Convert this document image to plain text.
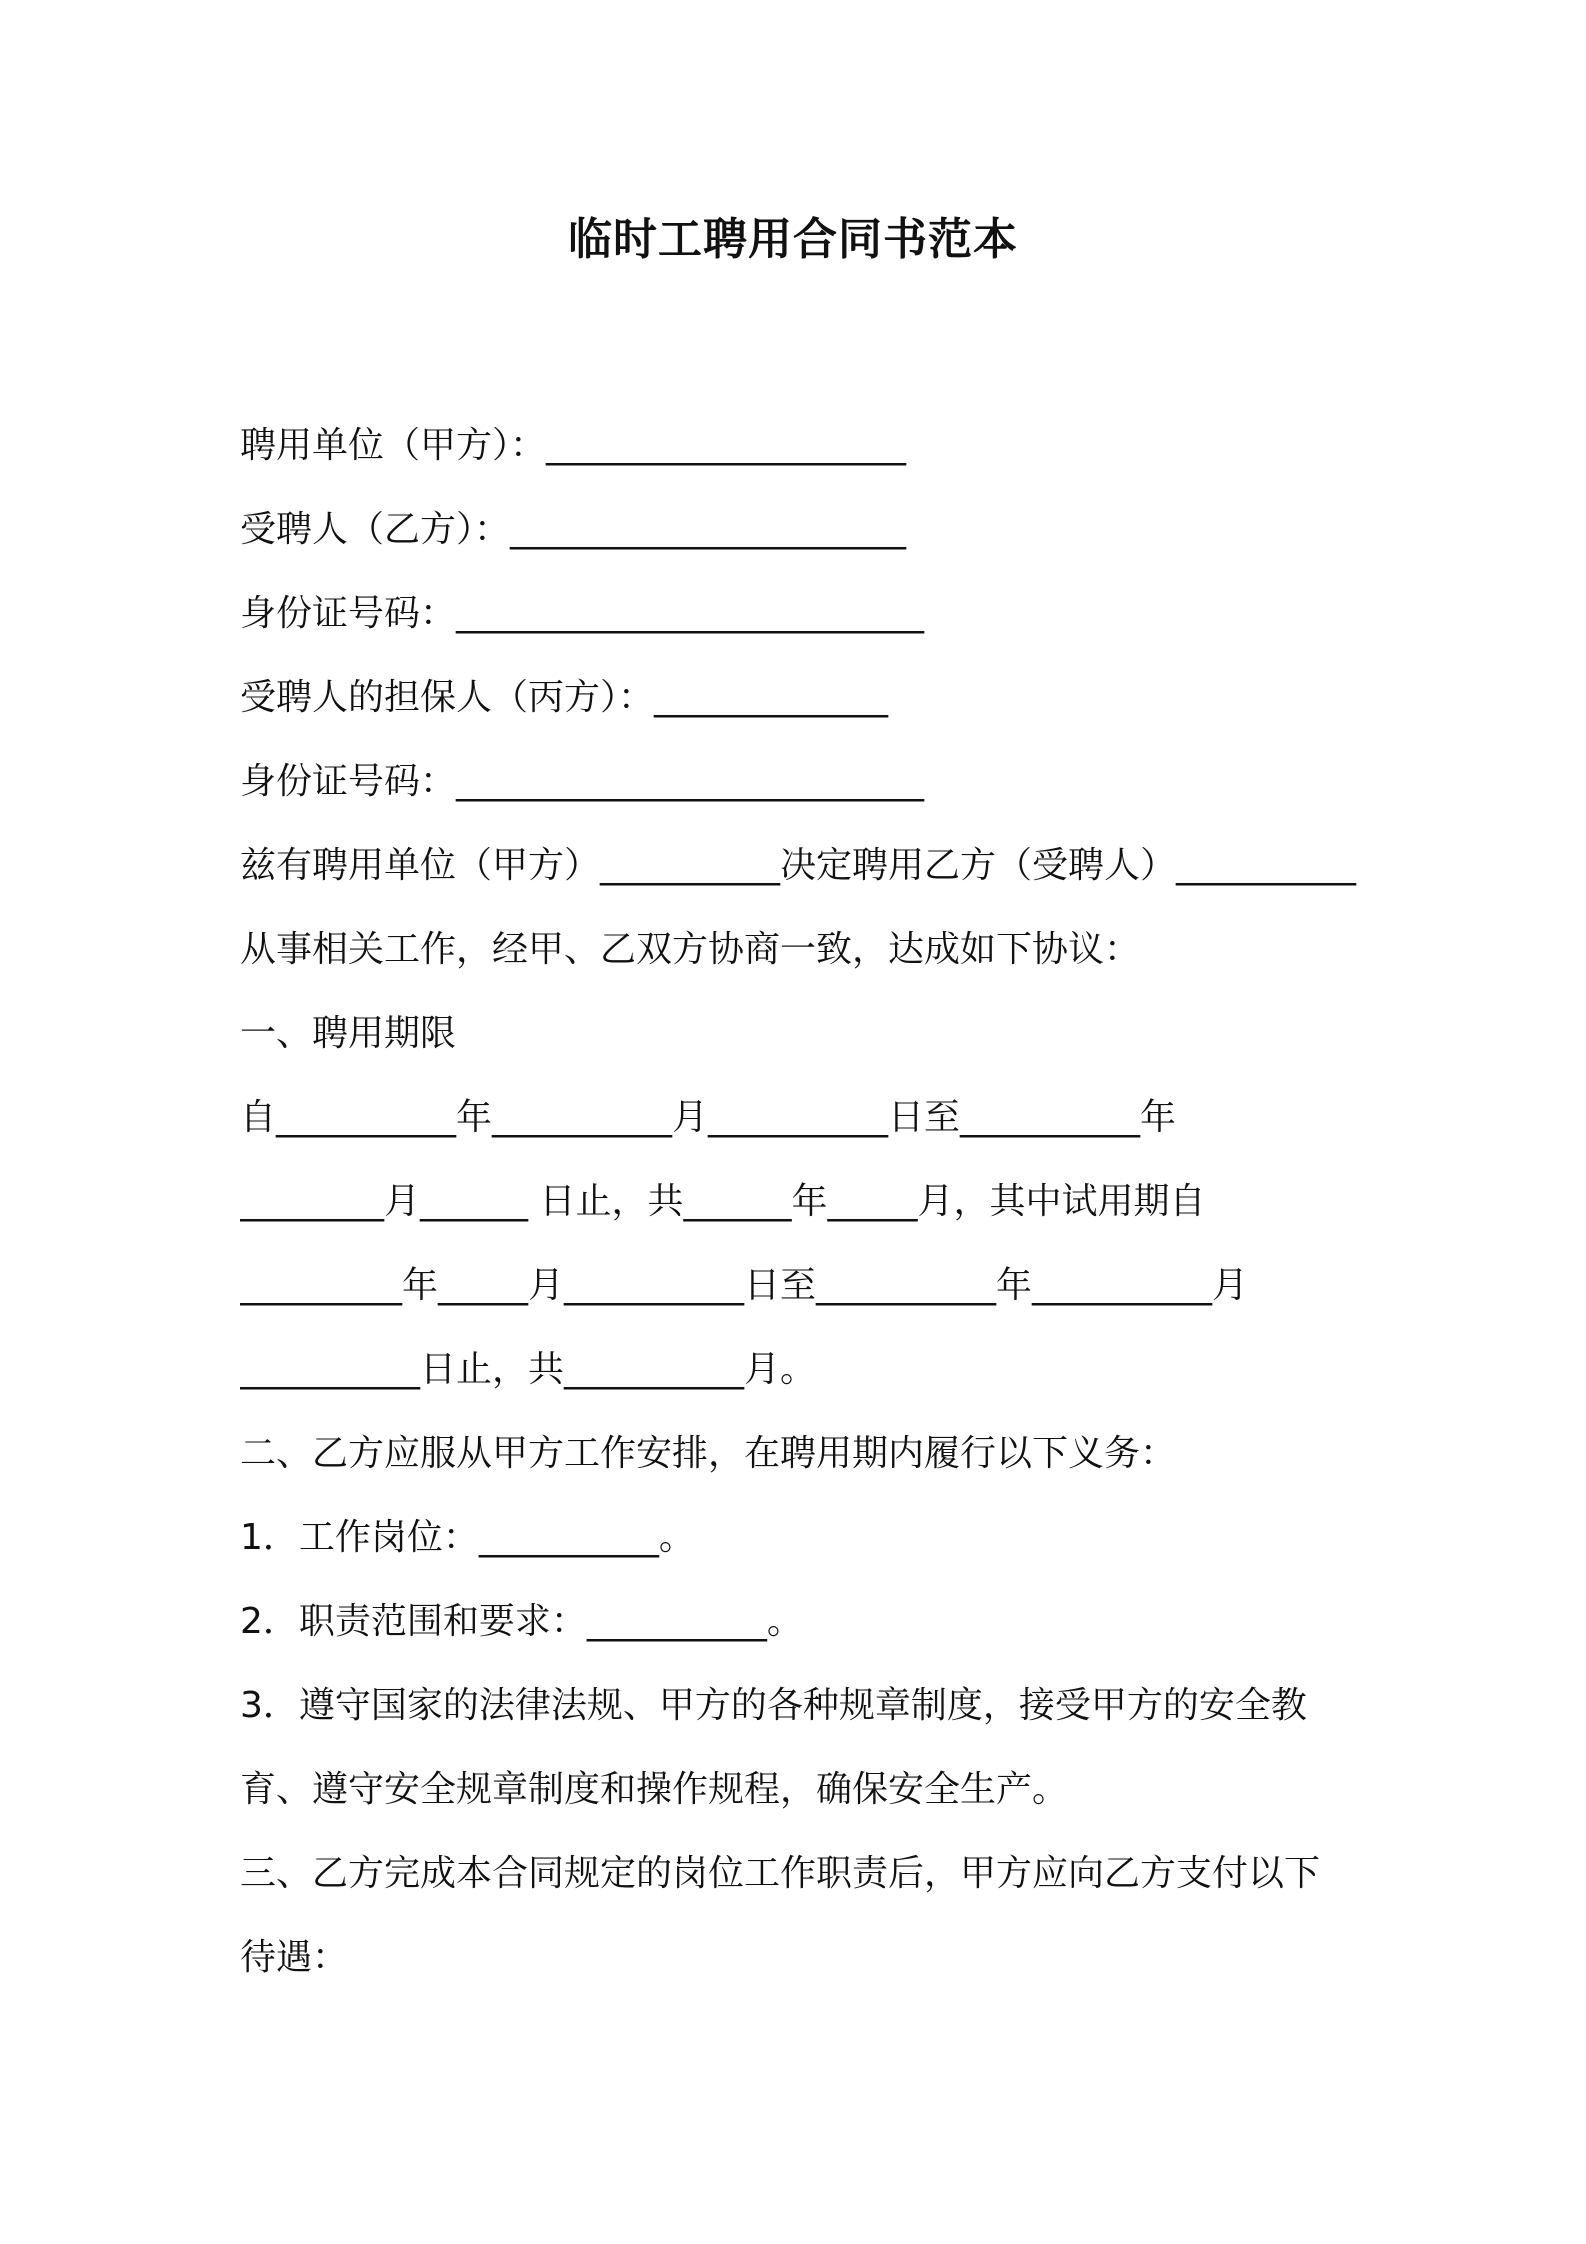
临时工聘用合同书范本
聘用单位（甲方）：____________________
受聘人（乙方）：______________________
身份证号码：__________________________
受聘人的担保人（丙方）：_____________
身份证号码：__________________________
兹有聘用单位（甲方）__________决定聘用乙方（受聘人）__________
从事相关工作，经甲、乙双方协商一致，达成如下协议：
一、聘用期限
自__________年__________月__________日至__________年
________月______ 日止，共______年_____月，其中试用期自
_________年_____月__________日至__________年__________月
__________日止，共__________月。
二、乙方应服从甲方工作安排，在聘用期内履行以下义务：
1．工作岗位：__________。
2．职责范围和要求：__________。
3．遵守国家的法律法规、甲方的各种规章制度，接受甲方的安全教
育、遵守安全规章制度和操作规程，确保安全生产。
三、乙方完成本合同规定的岗位工作职责后，甲方应向乙方支付以下
待遇：
